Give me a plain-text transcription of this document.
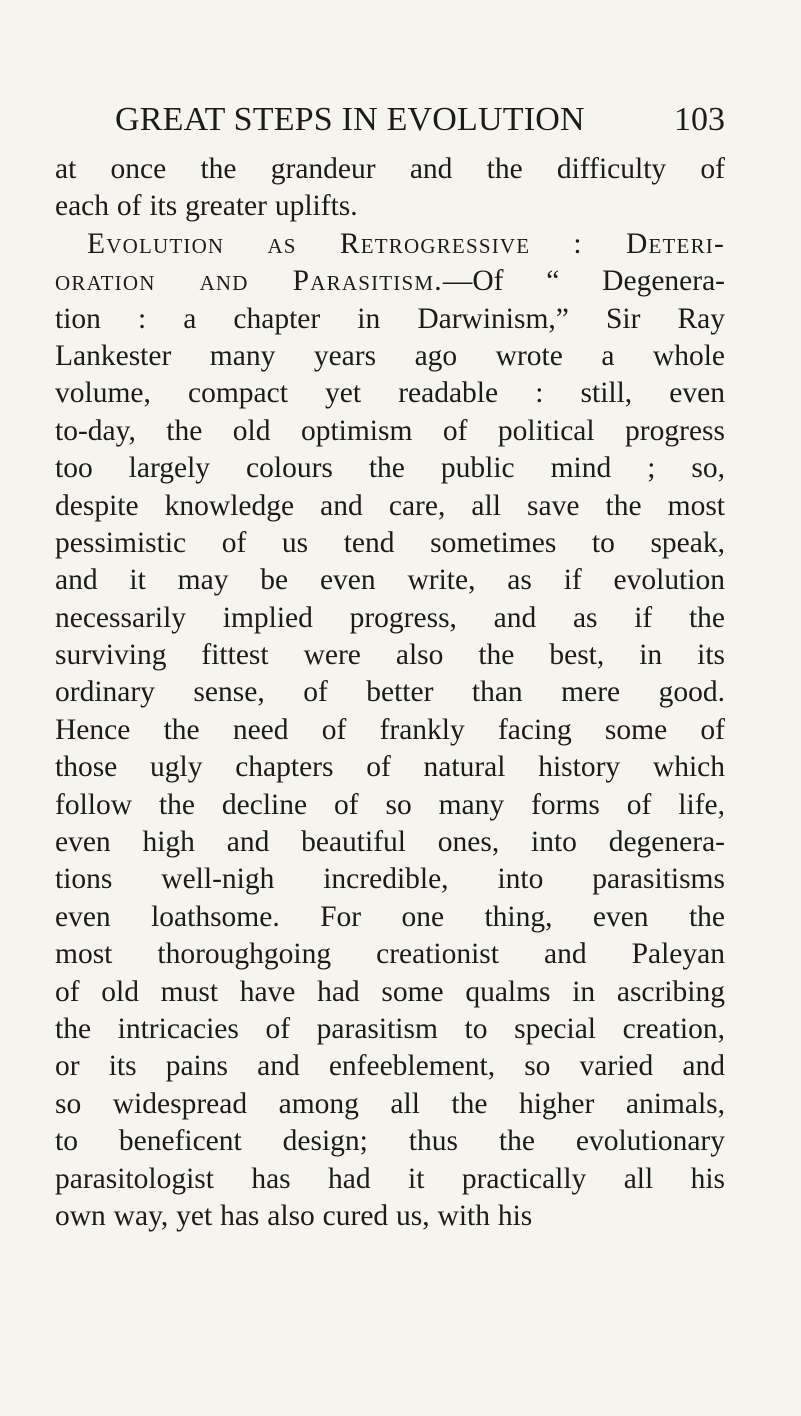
GREAT STEPS IN EVOLUTION	103
at once the grandeur and the difficulty of
each of its greater uplifts.
Evolution as Retrogressive : Deteri-
oration and Parasitism.—Of “ Degenera-
tion : a chapter in Darwinism,” Sir Ray
Lankester many years ago wrote a whole
volume, compact yet readable : still, even
to-day, the old optimism of political progress
too largely colours the public mind ; so,
despite knowledge and care, all save the most
pessimistic of us tend sometimes to speak,
and it may be even write, as if evolution
necessarily implied progress, and as if the
surviving fittest were also the best, in its
ordinary sense, of better than mere good.
Hence the need of frankly facing some of
those ugly chapters of natural history which
follow the decline of so many forms of life,
even high and beautiful ones, into degenera-
tions well-nigh incredible, into parasitisms
even loathsome. For one thing, even the
most thoroughgoing creationist and Paleyan
of old must have had some qualms in ascribing
the intricacies of parasitism to special creation,
or its pains and enfeeblement, so varied and
so widespread among all the higher animals,
to beneficent design; thus the evolutionary
parasitologist has had it practically all his
own way, yet has also cured us, with his
